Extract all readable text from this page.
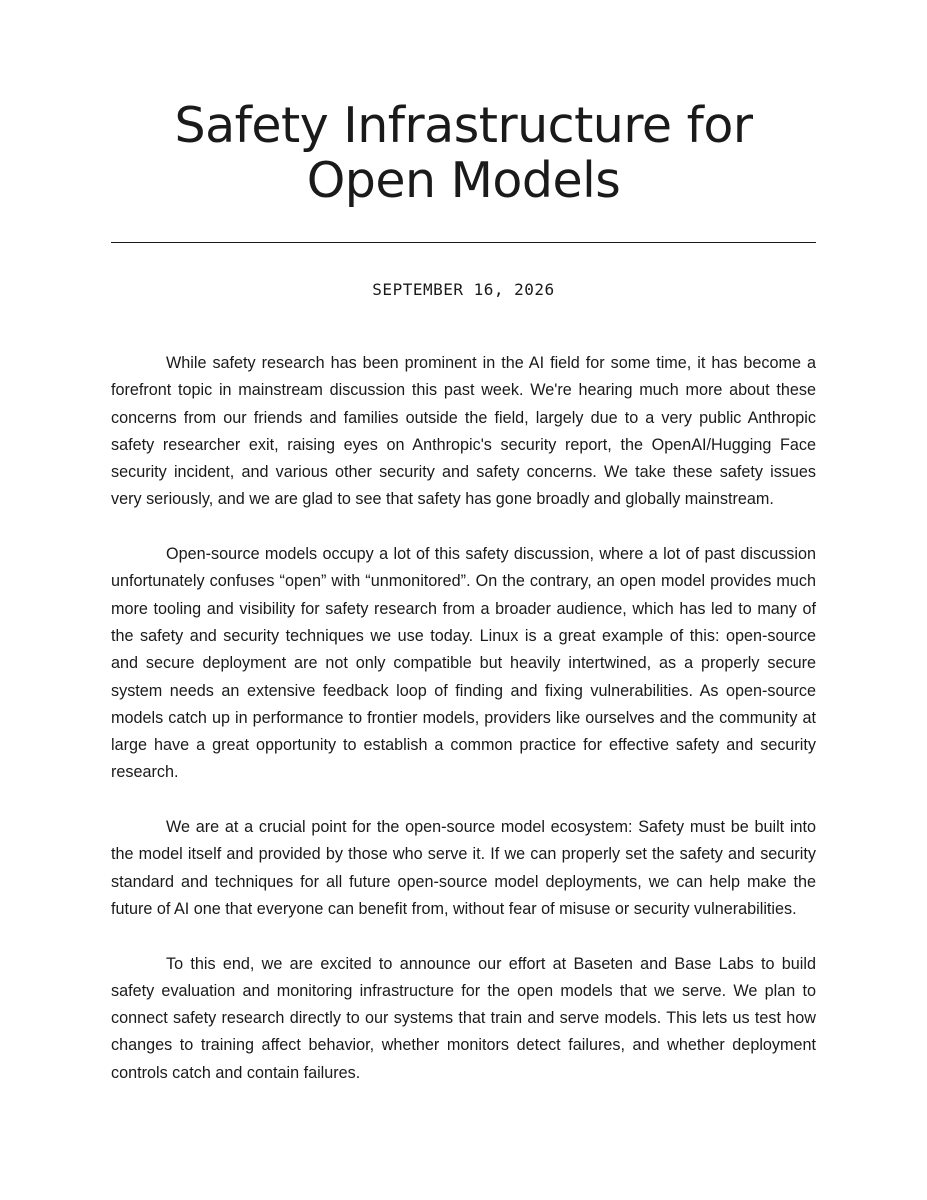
Safety Infrastructure for
Open Models
SEPTEMBER 16, 2026

While safety research has been prominent in the AI field for some time, it has become a forefront topic in mainstream discussion this past week. We're hearing much more about these concerns from our friends and families outside the field, largely due to a very public Anthropic safety researcher exit, raising eyes on Anthropic's security report, the OpenAI/Hugging Face security incident, and various other security and safety concerns. We take these safety issues very seriously, and we are glad to see that safety has gone broadly and globally mainstream.

Open-source models occupy a lot of this safety discussion, where a lot of past discussion unfortunately confuses “open” with “unmonitored”. On the contrary, an open model provides much more tooling and visibility for safety research from a broader audience, which has led to many of the safety and security techniques we use today. Linux is a great example of this: open-source and secure deployment are not only compatible but heavily intertwined, as a properly secure system needs an extensive feedback loop of finding and fixing vulnerabilities. As open-source models catch up in performance to frontier models, providers like ourselves and the community at large have a great opportunity to establish a common practice for effective safety and security research.

We are at a crucial point for the open-source model ecosystem: Safety must be built into the model itself and provided by those who serve it. If we can properly set the safety and security standard and techniques for all future open-source model deployments, we can help make the future of AI one that everyone can benefit from, without fear of misuse or security vulnerabilities.

To this end, we are excited to announce our effort at Baseten and Base Labs to build safety evaluation and monitoring infrastructure for the open models that we serve. We plan to connect safety research directly to our systems that train and serve models. This lets us test how changes to training affect behavior, whether monitors detect failures, and whether deployment controls catch and contain failures.
